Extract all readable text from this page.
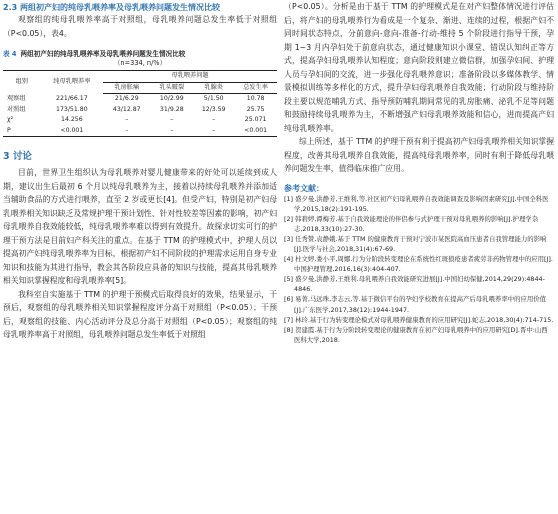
2.3 两组初产妇的纯母乳喂养率及母乳喂养问题发生情况比较

观察组的纯母乳喂养率高于对照组，母乳喂养问题总发生率低于对照组（P<0.05），表4。

表 4 两组初产妇的纯母乳喂养率及母乳喂养问题发生情况比较
（n=334, n/%）
组别	纯母乳喂养率	母乳喂养问题			
		乳房胀痛	乳头皲裂	乳腺炎	总发生率
观察组	221/66.17	21/6.29	10/2.99	5/1.50	10.78
对照组	173/51.80	43/12.87	31/9.28	12/3.59	25.75
χ²	14.256	–	–	–	25.071
P	<0.001	–	–	–	<0.001
3 讨论

目前，世界卫生组织认为母乳喂养对婴儿健康带来的好处可以延续到成人期，建议出生后最初 6 个月以纯母乳喂养为主，接着以持续母乳喂养并添加适当辅助食品的方式进行喂养，直至 2 岁或更长[4]。但受产妇，特别是初产妇母乳喂养相关知识缺乏及常规护理干预计划性、针对性较差等因素的影响，初产妇母乳喂养自我效能较低，纯母乳喂养率难以得到有效提升。故探求切实可行的护理干预方法是目前妇产科关注的重点。在基于 TTM 的护理模式中，护理人员以提高初产妇纯母乳喂养率为目标，根据初产妇不同阶段的护理需求运用自身专业知识和技能为其进行指导，教会其各阶段应具备的知识与技能，提高其母乳喂养相关知识掌握程度和母乳喂养率[5]。

我科室自实施基于 TTM 的护理干预模式后取得良好的效果，结果显示，干预后，观察组的母乳喂养相关知识掌握程度评分高于对照组（P<0.05）；干预后，观察组的技能、内心活动评分及总分高于对照组（P<0.05）；观察组的纯母乳喂养率高于对照组，母乳喂养问题总发生率低于对照组

（P<0.05）。分析是由于基于 TTM 的护理模式是在对产妇整体情况进行评估后，将产妇的母乳喂养行为看成是一个复杂、渐进、连续的过程，根据产妇不同时间状态特点，分前意向-意向-准备-行动-维持 5 个阶段进行指导干预，孕期 1~3 月内孕妇处于前意向状态，通过健康知识小课堂、错误认知纠正等方式，提高孕妇母乳喂养认知程度；意向阶段则建立微信群，加强孕妇间、护理人员与孕妇间的交流，进一步强化母乳喂养意识；准备阶段以多媒体教学、情景模拟训练等多样化的方式，提升孕妇母乳喂养自我效能；行动阶段与维持阶段主要以规范哺乳方式、指导预防哺乳期间常见的乳房胀痛、泌乳不足等问题和鼓励持续母乳喂养为主，不断增强产妇母乳喂养效能和信心，进而提高产妇纯母乳喂养率。

综上所述，基于 TTM 的护理干预有利于提高初产妇母乳喂养相关知识掌握程度，改善其母乳喂养自我效能，提高纯母乳喂养率，同时有利于降低母乳喂养问题发生率，值得临床推广应用。

参考文献：
[1] 盛夕曼,洪静芳,王维利,等.社区初产妇母乳喂养自我效能调查及影响因素研究[J].中国全科医学,2015,18(2):191-195.
[2] 韩碧婷,谭梅芳.基于自我效能理论的伴侣参与式护理干预对母乳喂养的影响[J].护理学杂志,2018,33(10):27-30.
[3] 任秀赞,袁静娥.基于 TTM 的健康教育干预对宁波市某医院高血压患者自我管理能力的影响[J].医学与社会,2018,31(4):67-69.
[4] 杜文婷,娄小平,周娜.行为分阶段转变理论在系统性红斑狼疮患者疲劳非药物管理中的应用[J].中国护理管理,2016,16(3):404-407.
[5] 盛夕曼,洪静芳,王维利.母乳喂养自我效能研究进展[J].中国妇幼保健,2014,29(29):4844-4846.
[6] 易菁,马远珠,李志云,等.基于微信平台的孕妇学校教育在提高产后母乳喂养率中的应用价值[J].广东医学,2017,38(12):1944-1947.
[7] 林玲.基于行为转变理论模式对母乳喂养健康教育的应用研究[J].蛇志,2018,30(4):714-715.
[8] 贺建霞.基于行为分阶段转变理论的健康教育在初产妇母乳喂养中的应用研究[D].晋中:山西医科大学,2018.
